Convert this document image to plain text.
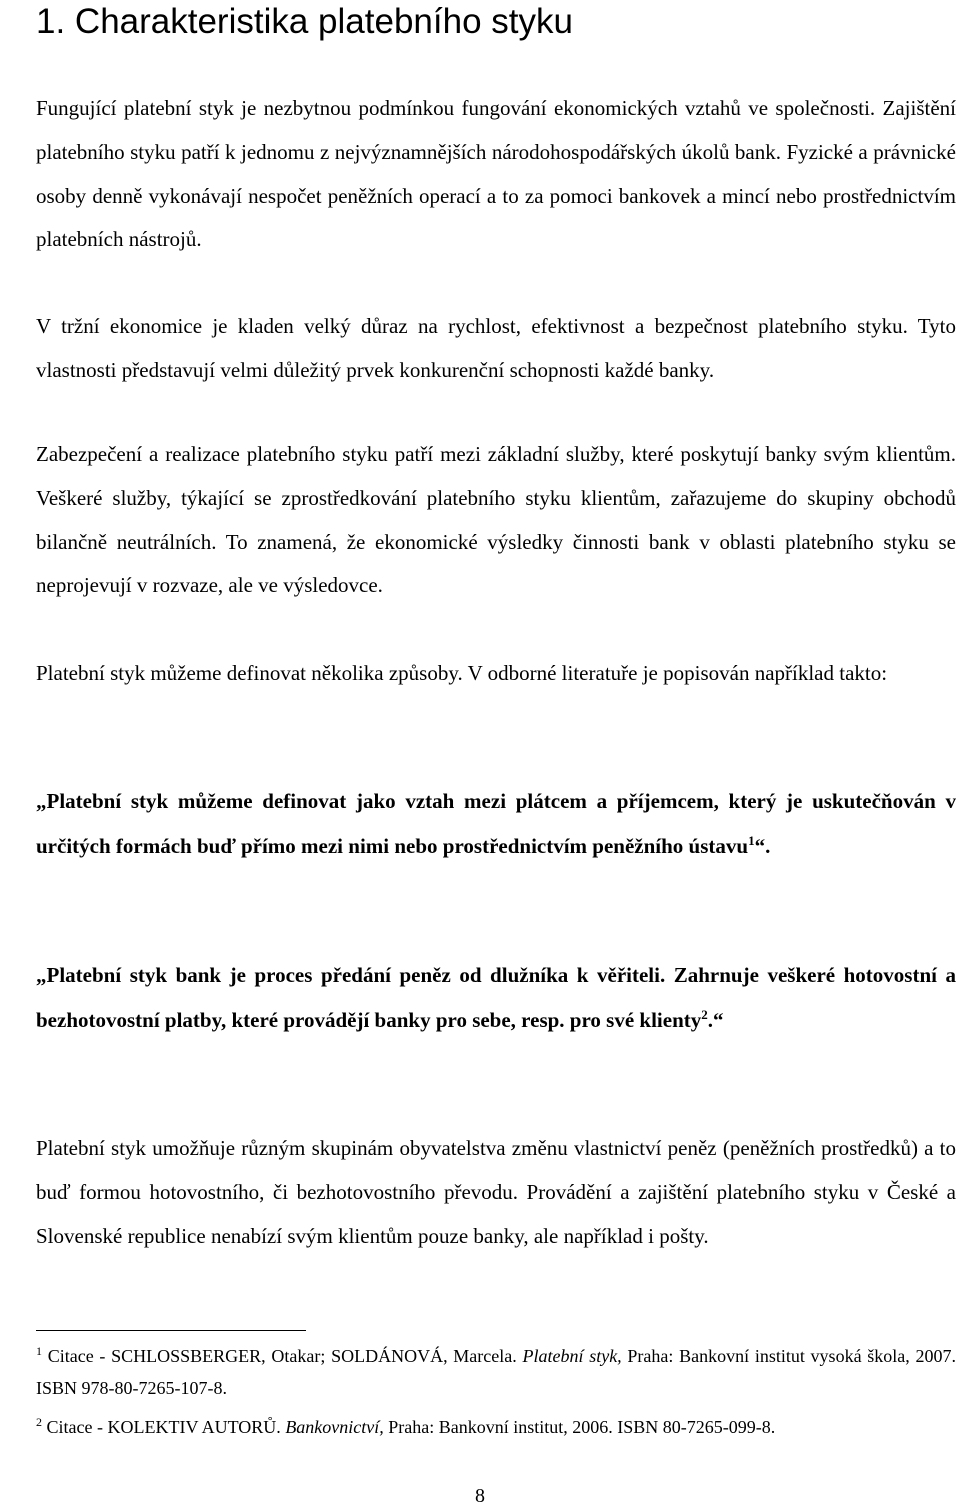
1. Charakteristika platebního styku

Fungující platební styk je nezbytnou podmínkou fungování ekonomických vztahů ve společnosti. Zajištění platebního styku patří k jednomu z nejvýznamnějších národohospodářských úkolů bank. Fyzické a právnické osoby denně vykonávají nespočet peněžních operací a to za pomoci bankovek a mincí nebo prostřednictvím platebních nástrojů.

V tržní ekonomice je kladen velký důraz na rychlost, efektivnost a bezpečnost platebního styku. Tyto vlastnosti představují velmi důležitý prvek konkurenční schopnosti každé banky.

Zabezpečení a realizace platebního styku patří mezi základní služby, které poskytují banky svým klientům. Veškeré služby, týkající se zprostředkování platebního styku klientům, zařazujeme do skupiny obchodů bilančně neutrálních. To znamená, že ekonomické výsledky činnosti bank v oblasti platebního styku se neprojevují v rozvaze, ale ve výsledovce.

Platební styk můžeme definovat několika způsoby. V odborné literatuře je popisován například takto:

„Platební styk můžeme definovat jako vztah mezi plátcem a příjemcem, který je uskutečňován v určitých formách buď přímo mezi nimi nebo prostřednictvím peněžního ústavu$^1$“.

„Platební styk bank je proces předání peněz od dlužníka k věřiteli. Zahrnuje veškeré hotovostní a bezhotovostní platby, které provádějí banky pro sebe, resp. pro své klienty$^2$.“

Platební styk umožňuje různým skupinám obyvatelstva změnu vlastnictví peněz (peněžních prostředků) a to buď formou hotovostního, či bezhotovostního převodu. Provádění a zajištění platebního styku v České a Slovenské republice nenabízí svým klientům pouze banky, ale například i pošty.

$^1$ Citace - SCHLOSSBERGER, Otakar; SOLDÁNOVÁ, Marcela. Platební styk, Praha: Bankovní institut vysoká škola, 2007. ISBN 978-80-7265-107-8.

$^2$ Citace - KOLEKTIV AUTORŮ. Bankovnictví, Praha: Bankovní institut, 2006. ISBN 80-7265-099-8.

8
